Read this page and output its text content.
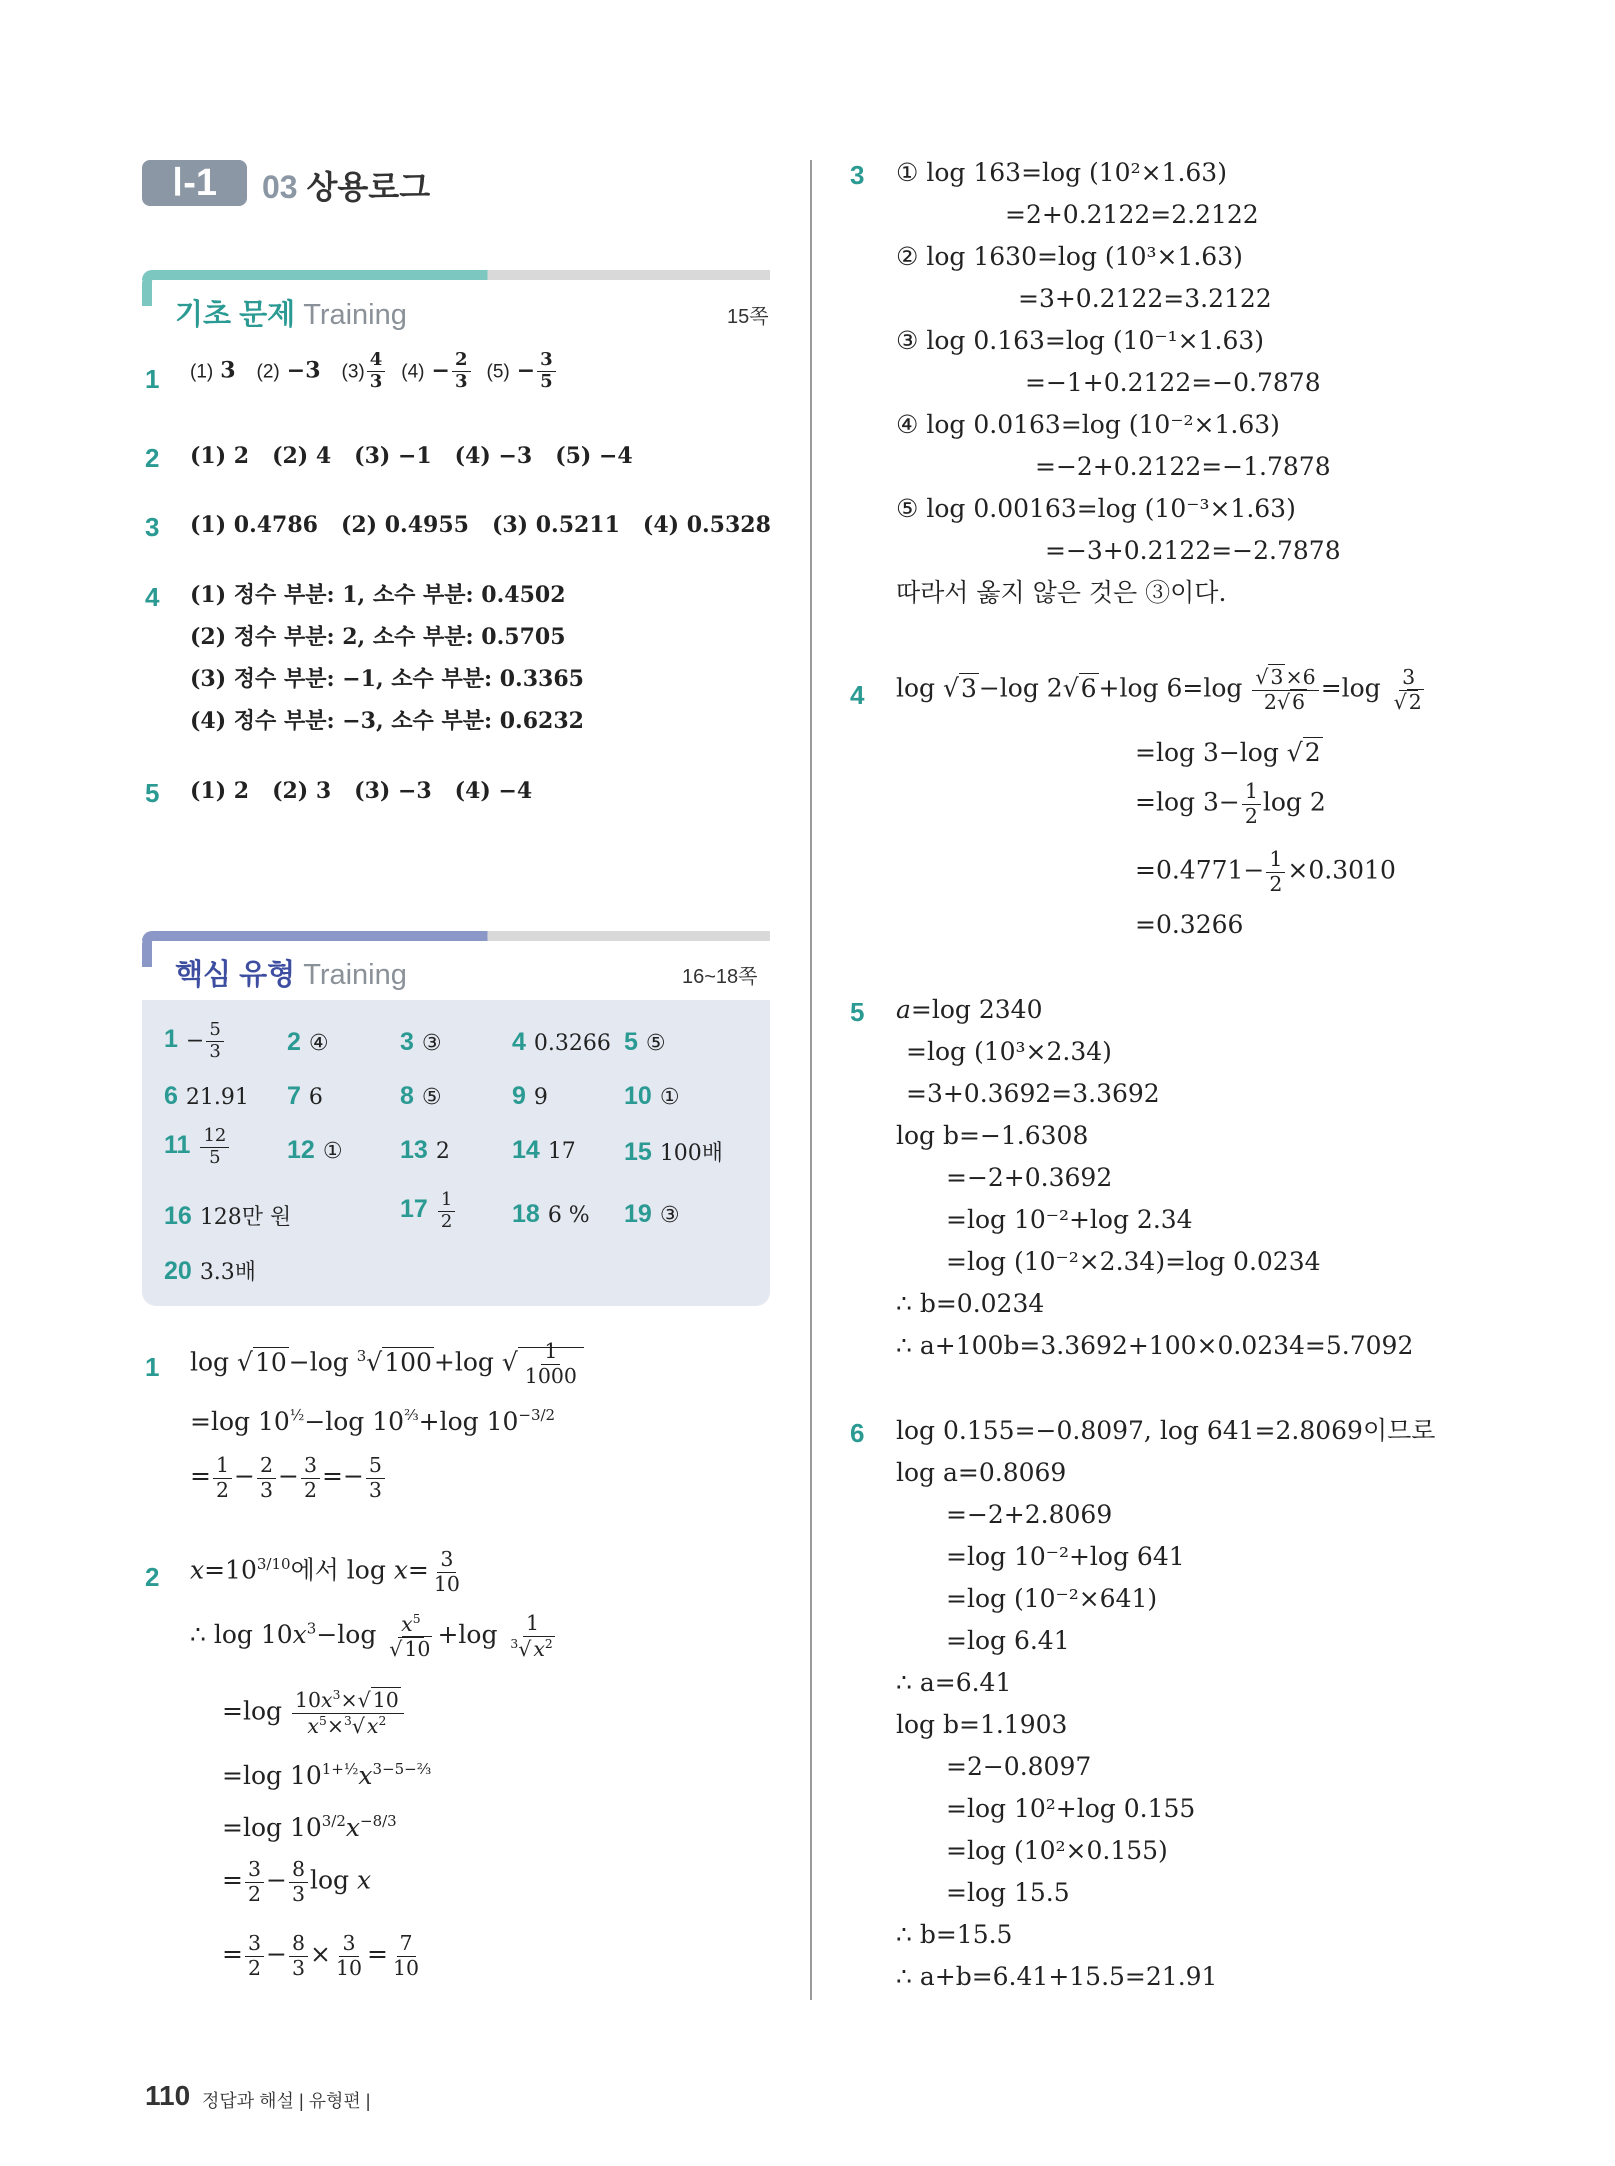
Ⅰ-1	03 상용로그
기초 문제 Training	15쪽
1 (1) 3 (2) −3 $(3) \frac{4}{3} (4) - \frac{2}{3} (5) - \frac{3}{5}$
2 (1) 2 (2) 4 (3) −1 (4) −3 (5) −4
3 (1) 0.4786 (2) 0.4955 (3) 0.5211 (4) 0.5328
4 (1) 정수 부분: 1, 소수 부분: 0.4502
(2) 정수 부분: 2, 소수 부분: 0.5705
(3) 정수 부분: −1, 소수 부분: 0.3365
(4) 정수 부분: −3, 소수 부분: 0.6232
5 (1) 2 (2) 3 (3) −3 (4) −4
핵심 유형 Training	16~18쪽
$1 - \frac{5}{3}$	2 ④	3 ③	4 0.3266 5 ⑤
6 21.91 7 6	8 ⑤	9 9	10 ①
$11 \frac{12}{5} 12$ ① 13 2 14 17 15 100배
16 128만 원	$17 \frac{1}{2} 18$ 6 % 19 ③
20 3.3배
1 log √10−log $^3$√100+log √ $\frac{1}{1000}$
=log $10^{\frac{1}{2}}-\log$ $10^{\frac{2}{3}}+\log$ $10^{-3/2}$
= $\frac{1}{2} - \frac{2}{3} - \frac{3}{2} =- \frac{5}{3}$
2 $x=10^{3/10}$에서 $\log x= \frac{3}{10}$
∴ $\log 10x^3-\log \frac{x^5}{√10} +\log \frac{1}{^3√x^2}$
$=\log \frac{10x^3\times√10}{x^5\times^3√x^2}$
=log $10^{1+\frac{1}{2}}x^{3-5-\frac{2}{3}}$
=log $10^{3/2}x^{-8/3}$
= $\frac{3}{2} - \frac{8}{3}$ log x
= $\frac{3}{2} - \frac{8}{3} \times \frac{3}{10} = \frac{7}{10}$
3 ① log 163=log (10²×1.63)
=2+0.2122=2.2122
② log 1630=log (10³×1.63)
=3+0.2122=3.2122
③ log 0.163=log (10⁻¹×1.63)
=−1+0.2122=−0.7878
④ log 0.0163=log (10⁻²×1.63)
=−2+0.2122=−1.7878
⑤ log 0.00163=log (10⁻³×1.63)
=−3+0.2122=−2.7878
따라서 옳지 않은 것은 ③이다.
4 log √3−log 2√6+log $6=\log \frac{√3\times 6}{2√6} =\log \frac{3}{√2}$
=log 3−log √2
=log $3- \frac{1}{2}$ log 2
$=0.4771- \frac{1}{2} \times 0.3010$
=0.3266
5 a=log 2340
=log (10³×2.34)
=3+0.3692=3.3692
log b=−1.6308
=−2+0.3692
=log 10⁻²+log 2.34
=log (10⁻²×2.34)=log 0.0234
∴ b=0.0234
∴ a+100b=3.3692+100×0.0234=5.7092
6 log 0.155=−0.8097, log 641=2.8069이므로
log a=0.8069
=−2+2.8069
=log 10⁻²+log 641
=log (10⁻²×641)
=log 6.41
∴ a=6.41
log b=1.1903
=2−0.8097
=log 10²+log 0.155
=log (10²×0.155)
=log 15.5
∴ b=15.5
∴ a+b=6.41+15.5=21.91
110 정답과 해설 | 유형편 |
